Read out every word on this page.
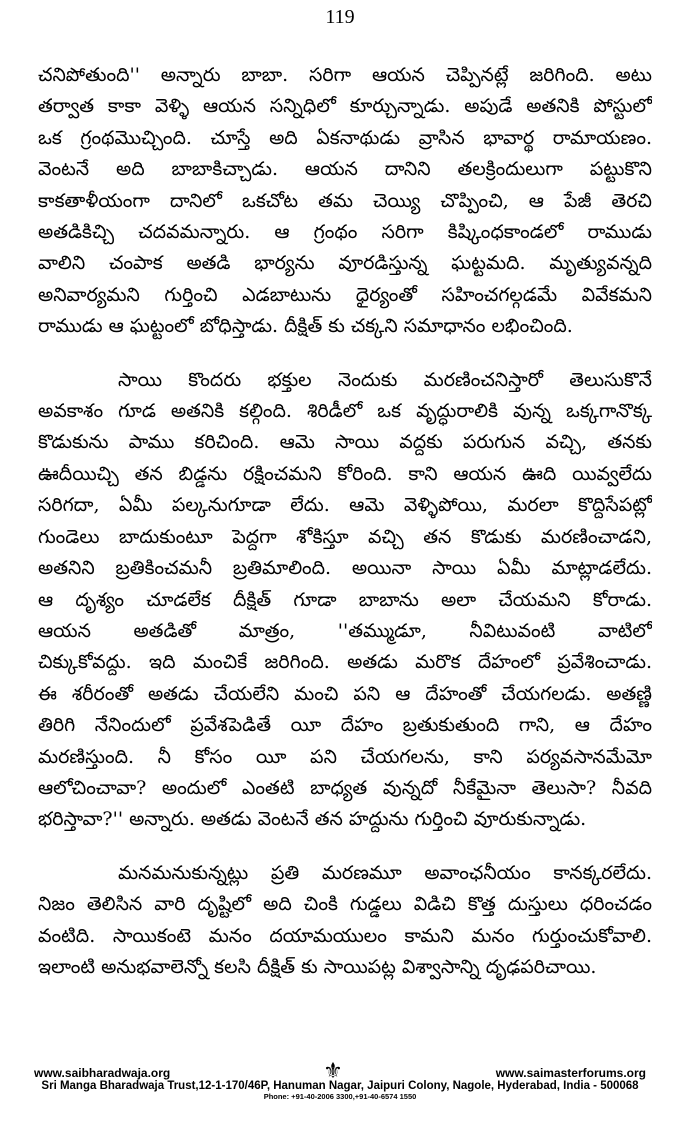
119
చనిపోతుంది'' అన్నారు బాబా. సరిగా ఆయన చెప్పినట్లే జరిగింది. అటు
తర్వాత కాకా వెళ్ళి ఆయన సన్నిధిలో కూర్చున్నాడు. అపుడే అతనికి పోస్టులో
ఒక గ్రంథమొచ్చింది. చూస్తే అది ఏకనాథుడు వ్రాసిన భావార్థ రామాయణం.
వెంటనే అది బాబాకిచ్చాడు. ఆయన దానిని తలక్రిందులుగా పట్టుకొని
కాకతాళీయంగా దానిలో ఒకచోట తమ చెయ్యి చొప్పించి, ఆ పేజీ తెరచి
అతడికిచ్చి చదవమన్నారు. ఆ గ్రంథం సరిగా కిష్కింధకాండలో రాముడు
వాలిని చంపాక అతడి భార్యను వూరడిస్తున్న ఘట్టమది. మృత్యువన్నది
అనివార్యమని గుర్తించి ఎడబాటును ధైర్యంతో సహించగల్గడమే వివేకమని
రాముడు ఆ ఘట్టంలో బోధిస్తాడు. దీక్షిత్ కు చక్కని సమాధానం లభించింది.
సాయి కొందరు భక్తుల నెందుకు మరణించనిస్తారో తెలుసుకొనే
అవకాశం గూడ అతనికి కల్గింది. శిరిడీలో ఒక వృద్ధురాలికి వున్న ఒక్కగానొక్క
కొడుకును పాము కరిచింది. ఆమె సాయి వద్దకు పరుగున వచ్చి, తనకు
ఊదీయిచ్చి తన బిడ్డను రక్షించమని కోరింది. కాని ఆయన ఊది యివ్వలేదు
సరిగదా, ఏమీ పల్కనుగూడా లేదు. ఆమె వెళ్ళిపోయి, మరలా కొద్దిసేపట్లో
గుండెలు బాదుకుంటూ పెద్దగా శోకిస్తూ వచ్చి తన కొడుకు మరణించాడని,
అతనిని బ్రతికించమనీ బ్రతిమాలింది. అయినా సాయి ఏమీ మాట్లాడలేదు.
ఆ దృశ్యం చూడలేక దీక్షిత్ గూడా బాబాను అలా చేయమని కోరాడు.
ఆయన అతడితో మాత్రం, ''తమ్ముడూ, నీవిటువంటి వాటిలో
చిక్కుకోవద్దు. ఇది మంచికే జరిగింది. అతడు మరొక దేహంలో ప్రవేశించాడు.
ఈ శరీరంతో అతడు చేయలేని మంచి పని ఆ దేహంతో చేయగలడు. అతణ్ణి
తిరిగి నేనిందులో ప్రవేశపెడితే యీ దేహం బ్రతుకుతుంది గాని, ఆ దేహం
మరణిస్తుంది. నీ కోసం యీ పని చేయగలను, కాని పర్యవసానమేమో
ఆలోచించావా? అందులో ఎంతటి బాధ్యత వున్నదో నీకేమైనా తెలుసా? నీవది
భరిస్తావా?'' అన్నారు. అతడు వెంటనే తన హద్దును గుర్తించి వూరుకున్నాడు.
మనమనుకున్నట్లు ప్రతి మరణమూ అవాంఛనీయం కానక్కరలేదు.
నిజం తెలిసిన వారి దృష్టిలో అది చింకి గుడ్డలు విడిచి కొత్త దుస్తులు ధరించడం
వంటిది. సాయికంటె మనం దయామయులం కామని మనం గుర్తుంచుకోవాలి.
ఇలాంటి అనుభవాలెన్నో కలసి దీక్షిత్ కు సాయిపట్ల విశ్వాసాన్ని దృఢపరిచాయి.
www.saibharadwaja.org	⚜	www.saimasterforums.org
Sri Manga Bharadwaja Trust,12-1-170/46P, Hanuman Nagar, Jaipuri Colony, Nagole, Hyderabad, India - 500068
Phone: +91-40-2006 3300,+91-40-6574 1550
